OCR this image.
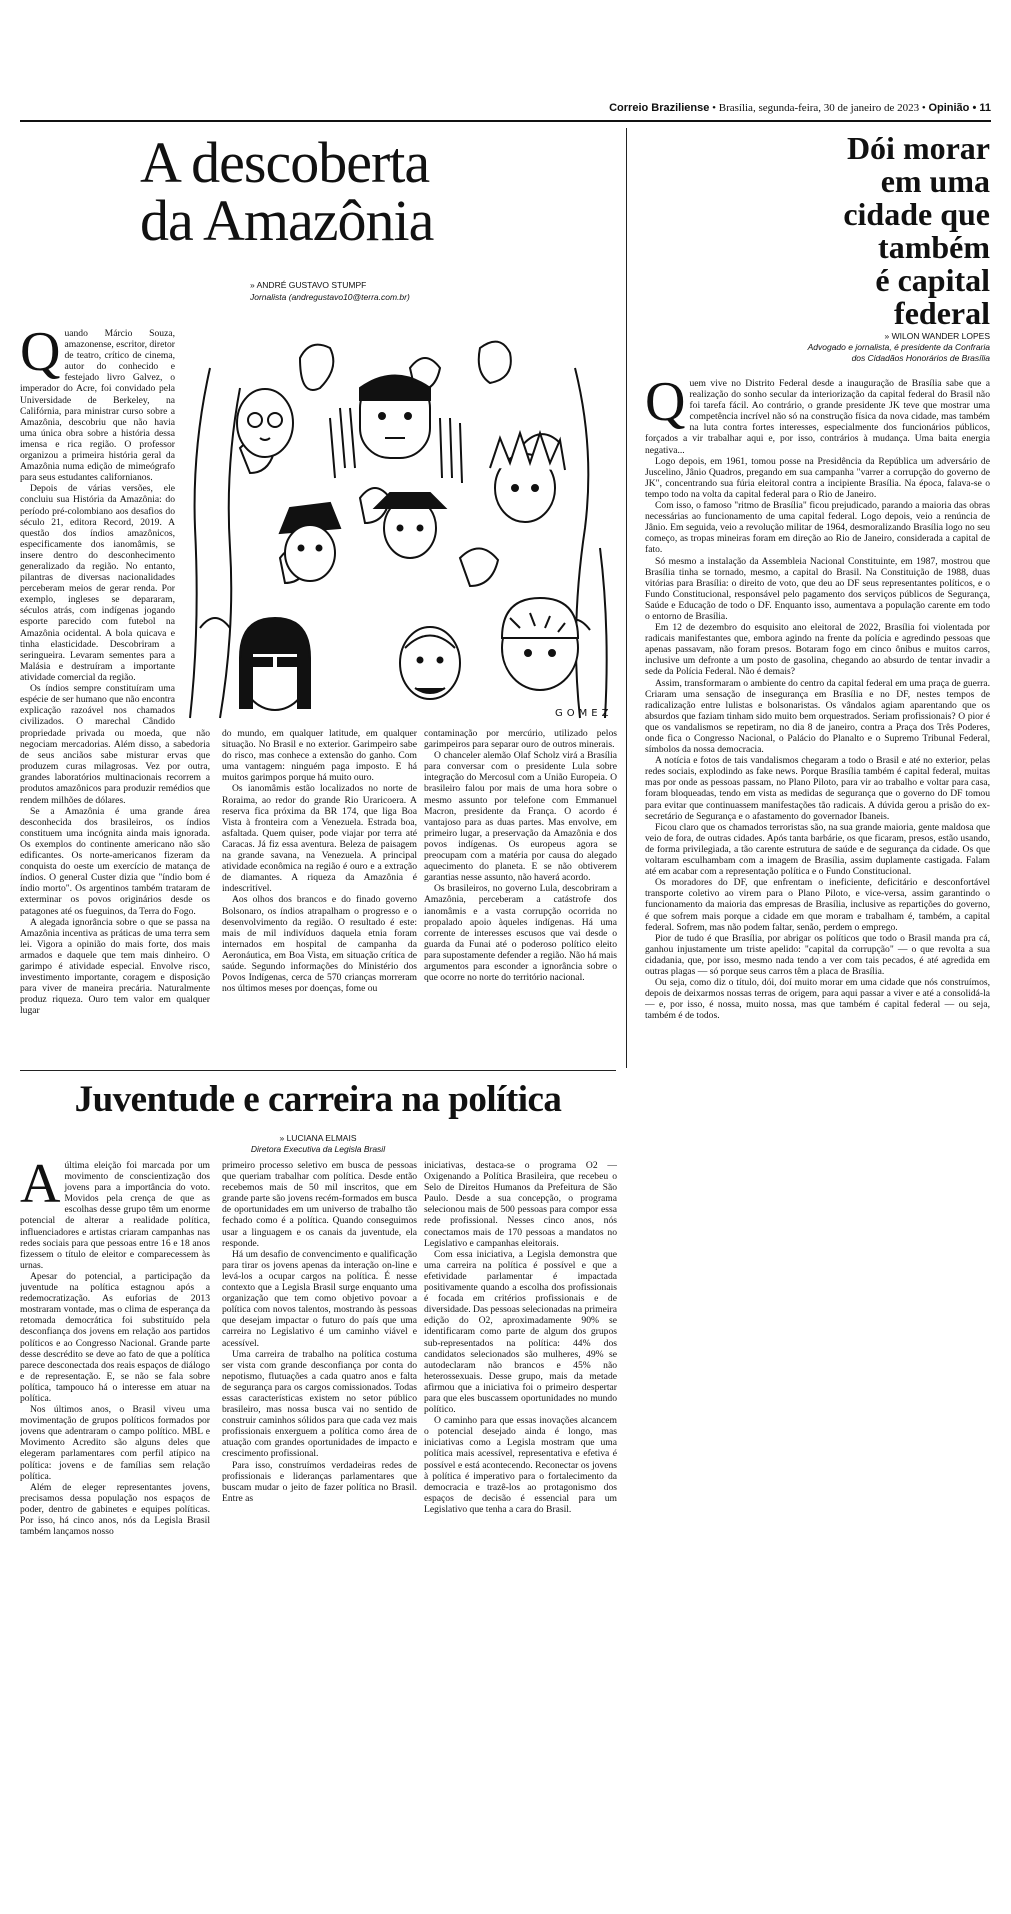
Correio Braziliense • Brasília, segunda-feira, 30 de janeiro de 2023 • Opinião • 11
A descoberta
da Amazônia
» ANDRÉ GUSTAVO STUMPF
Jornalista (andregustavo10@terra.com.br)

Quando Márcio Souza, amazonense, escritor, diretor de teatro, crítico de cinema, autor do conhecido e festejado livro Galvez, o imperador do Acre, foi convidado pela Universidade de Berkeley, na Califórnia, para ministrar curso sobre a Amazônia, descobriu que não havia uma única obra sobre a história dessa imensa e rica região. O professor organizou a primeira história geral da Amazônia numa edição de mimeógrafo para seus estudantes californianos.

Depois de várias versões, ele concluiu sua História da Amazônia: do período pré-colombiano aos desafios do século 21, editora Record, 2019. A questão dos índios amazônicos, especificamente dos ianomâmis, se insere dentro do desconhecimento generalizado da região. No entanto, pilantras de diversas nacionalidades perceberam meios de gerar renda. Por exemplo, ingleses se depararam, séculos atrás, com indígenas jogando esporte parecido com futebol na Amazônia ocidental. A bola quicava e tinha elasticidade. Descobriram a seringueira. Levaram sementes para a Malásia e destruíram a importante atividade comercial da região.

Os índios sempre constituíram uma espécie de ser humano que não encontra explicação razoável nos chamados civilizados. O marechal Cândido

GOMEZ

propriedade privada ou moeda, que não negociam mercadorias. Além disso, a sabedoria de seus anciãos sabe misturar ervas que produzem curas milagrosas. Vez por outra, grandes laboratórios multinacionais recorrem a produtos amazônicos para produzir remédios que rendem milhões de dólares.

Se a Amazônia é uma grande área desconhecida dos brasileiros, os índios constituem uma incógnita ainda mais ignorada. Os exemplos do continente americano não são edificantes. Os norte-americanos fizeram da conquista do oeste um exercício de matança de índios. O general Custer dizia que "índio bom é índio morto". Os argentinos também trataram de exterminar os povos originários desde os patagones até os fueguinos, da Terra do Fogo.

A alegada ignorância sobre o que se passa na Amazônia incentiva as práticas de uma terra sem lei. Vigora a opinião do mais forte, dos mais armados e daquele que tem mais dinheiro. O garimpo é atividade especial. Envolve risco, investimento importante, coragem e disposição para viver de maneira precária. Naturalmente produz riqueza. Ouro tem valor em qualquer lugar

do mundo, em qualquer latitude, em qualquer situação. No Brasil e no exterior. Garimpeiro sabe do risco, mas conhece a extensão do ganho. Com uma vantagem: ninguém paga imposto. E há muitos garimpos porque há muito ouro.

Os ianomâmis estão localizados no norte de Roraima, ao redor do grande Rio Uraricoera. A reserva fica próxima da BR 174, que liga Boa Vista à fronteira com a Venezuela. Estrada boa, asfaltada. Quem quiser, pode viajar por terra até Caracas. Já fiz essa aventura. Beleza de paisagem na grande savana, na Venezuela. A principal atividade econômica na região é ouro e a extração de diamantes. A riqueza da Amazônia é indescritível.

Aos olhos dos brancos e do finado governo Bolsonaro, os índios atrapalham o progresso e o desenvolvimento da região. O resultado é este: mais de mil indivíduos daquela etnia foram internados em hospital de campanha da Aeronáutica, em Boa Vista, em situação crítica de saúde. Segundo informações do Ministério dos Povos Indígenas, cerca de 570 crianças morreram nos últimos meses por doenças, fome ou

contaminação por mercúrio, utilizado pelos garimpeiros para separar ouro de outros minerais.

O chanceler alemão Olaf Scholz virá a Brasília para conversar com o presidente Lula sobre integração do Mercosul com a União Europeia. O brasileiro falou por mais de uma hora sobre o mesmo assunto por telefone com Emmanuel Macron, presidente da França. O acordo é vantajoso para as duas partes. Mas envolve, em primeiro lugar, a preservação da Amazônia e dos povos indígenas. Os europeus agora se preocupam com a matéria por causa do alegado aquecimento do planeta. E se não obtiverem garantias nesse assunto, não haverá acordo.

Os brasileiros, no governo Lula, descobriram a Amazônia, perceberam a catástrofe dos ianomâmis e a vasta corrupção ocorrida no propalado apoio àqueles indígenas. Há uma corrente de interesses escusos que vai desde o guarda da Funai até o poderoso político eleito para supostamente defender a região. Não há mais argumentos para esconder a ignorância sobre o que ocorre no norte do território nacional.

Dói morar
em uma
cidade que
também
é capital
federal
» WILON WANDER LOPES
Advogado e jornalista, é presidente da Confraria
dos Cidadãos Honorários de Brasília

Quem vive no Distrito Federal desde a inauguração de Brasília sabe que a realização do sonho secular da interiorização da capital federal do Brasil não foi tarefa fácil. Ao contrário, o grande presidente JK teve que mostrar uma competência incrível não só na construção física da nova cidade, mas também na luta contra fortes interesses, especialmente dos funcionários públicos, forçados a vir trabalhar aqui e, por isso, contrários à mudança. Uma baita energia negativa...

Logo depois, em 1961, tomou posse na Presidência da República um adversário de Juscelino, Jânio Quadros, pregando em sua campanha "varrer a corrupção do governo de JK", concentrando sua fúria eleitoral contra a incipiente Brasília. Na época, falava-se o tempo todo na volta da capital federal para o Rio de Janeiro.

Com isso, o famoso "ritmo de Brasília" ficou prejudicado, parando a maioria das obras necessárias ao funcionamento de uma capital federal. Logo depois, veio a renúncia de Jânio. Em seguida, veio a revolução militar de 1964, desmoralizando Brasília logo no seu começo, as tropas mineiras foram em direção ao Rio de Janeiro, considerada a capital de fato.

Só mesmo a instalação da Assembleia Nacional Constituinte, em 1987, mostrou que Brasília tinha se tornado, mesmo, a capital do Brasil. Na Constituição de 1988, duas vitórias para Brasília: o direito de voto, que deu ao DF seus representantes políticos, e o Fundo Constitucional, responsável pelo pagamento dos serviços públicos de Segurança, Saúde e Educação de todo o DF. Enquanto isso, aumentava a população carente em todo o entorno de Brasília.

Em 12 de dezembro do esquisito ano eleitoral de 2022, Brasília foi violentada por radicais manifestantes que, embora agindo na frente da polícia e agredindo pessoas que apenas passavam, não foram presos. Botaram fogo em cinco ônibus e muitos carros, inclusive um defronte a um posto de gasolina, chegando ao absurdo de tentar invadir a sede da Polícia Federal. Não é demais?

Assim, transformaram o ambiente do centro da capital federal em uma praça de guerra. Criaram uma sensação de insegurança em Brasília e no DF, nestes tempos de radicalização entre lulistas e bolsonaristas. Os vândalos agiam aparentando que os absurdos que faziam tinham sido muito bem orquestrados. Seriam profissionais? O pior é que os vandalismos se repetiram, no dia 8 de janeiro, contra a Praça dos Três Poderes, onde fica o Congresso Nacional, o Palácio do Planalto e o Supremo Tribunal Federal, símbolos da nossa democracia.

A notícia e fotos de tais vandalismos chegaram a todo o Brasil e até no exterior, pelas redes sociais, explodindo as fake news. Porque Brasília também é capital federal, muitas mas por onde as pessoas passam, no Plano Piloto, para vir ao trabalho e voltar para casa, foram bloqueadas, tendo em vista as medidas de segurança que o governo do DF tomou para evitar que continuassem manifestações tão radicais. A dúvida gerou a prisão do ex-secretário de Segurança e o afastamento do governador Ibaneis.

Ficou claro que os chamados terroristas são, na sua grande maioria, gente maldosa que veio de fora, de outras cidades. Após tanta barbárie, os que ficaram, presos, estão usando, de forma privilegiada, a tão carente estrutura de saúde e de segurança da cidade. Os que voltaram esculhambam com a imagem de Brasília, assim duplamente castigada. Falam até em acabar com a representação política e o Fundo Constitucional.

Os moradores do DF, que enfrentam o ineficiente, deficitário e desconfortável transporte coletivo ao virem para o Plano Piloto, e vice-versa, assim garantindo o funcionamento da maioria das empresas de Brasília, inclusive as repartições do governo, é que sofrem mais porque a cidade em que moram e trabalham é, também, a capital federal. Sofrem, mas não podem faltar, senão, perdem o emprego.

Pior de tudo é que Brasília, por abrigar os políticos que todo o Brasil manda pra cá, ganhou injustamente um triste apelido: "capital da corrupção" — o que revolta a sua cidadania, que, por isso, mesmo nada tendo a ver com tais pecados, é até agredida em outras plagas — só porque seus carros têm a placa de Brasília.

Ou seja, como diz o título, dói, doí muito morar em uma cidade que nós construímos, depois de deixarmos nossas terras de origem, para aqui passar a viver e até a consolidá-la — e, por isso, é nossa, muito nossa, mas que também é capital federal — ou seja, também é de todos.

Juventude e carreira na política
» LUCIANA ELMAIS
Diretora Executiva da Legisla Brasil

Aúltima eleição foi marcada por um movimento de conscientização dos jovens para a importância do voto. Movidos pela crença de que as escolhas desse grupo têm um enorme potencial de alterar a realidade política, influenciadores e artistas criaram campanhas nas redes sociais para que pessoas entre 16 e 18 anos fizessem o título de eleitor e comparecessem às urnas.

Apesar do potencial, a participação da juventude na política estagnou após a redemocratização. As euforias de 2013 mostraram vontade, mas o clima de esperança da retomada democrática foi substituído pela desconfiança dos jovens em relação aos partidos políticos e ao Congresso Nacional. Grande parte desse descrédito se deve ao fato de que a política parece desconectada dos reais espaços de diálogo e de representação. E, se não se fala sobre política, tampouco há o interesse em atuar na política.

Nos últimos anos, o Brasil viveu uma movimentação de grupos políticos formados por jovens que adentraram o campo político. MBL e Movimento Acredito são alguns deles que elegeram parlamentares com perfil atípico na política: jovens e de famílias sem relação política.

Além de eleger representantes jovens, precisamos dessa população nos espaços de poder, dentro de gabinetes e equipes políticas. Por isso, há cinco anos, nós da Legisla Brasil também lançamos nosso

primeiro processo seletivo em busca de pessoas que queriam trabalhar com política. Desde então recebemos mais de 50 mil inscritos, que em grande parte são jovens recém-formados em busca de oportunidades em um universo de trabalho tão fechado como é a política. Quando conseguimos usar a linguagem e os canais da juventude, ela responde.

Há um desafio de convencimento e qualificação para tirar os jovens apenas da interação on-line e levá-los a ocupar cargos na política. É nesse contexto que a Legisla Brasil surge enquanto uma organização que tem como objetivo povoar a política com novos talentos, mostrando às pessoas que desejam impactar o futuro do país que uma carreira no Legislativo é um caminho viável e acessível.

Uma carreira de trabalho na política costuma ser vista com grande desconfiança por conta do nepotismo, flutuações a cada quatro anos e falta de segurança para os cargos comissionados. Todas essas características existem no setor público brasileiro, mas nossa busca vai no sentido de construir caminhos sólidos para que cada vez mais profissionais enxerguem a política como área de atuação com grandes oportunidades de impacto e crescimento profissional.

Para isso, construímos verdadeiras redes de profissionais e lideranças parlamentares que buscam mudar o jeito de fazer política no Brasil. Entre as

iniciativas, destaca-se o programa O2 — Oxigenando a Política Brasileira, que recebeu o Selo de Direitos Humanos da Prefeitura de São Paulo. Desde a sua concepção, o programa selecionou mais de 500 pessoas para compor essa rede profissional. Nesses cinco anos, nós conectamos mais de 170 pessoas a mandatos no Legislativo e campanhas eleitorais.

Com essa iniciativa, a Legisla demonstra que uma carreira na política é possível e que a efetividade parlamentar é impactada positivamente quando a escolha dos profissionais é focada em critérios profissionais e de diversidade. Das pessoas selecionadas na primeira edição do O2, aproximadamente 90% se identificaram como parte de algum dos grupos sub-representados na política: 44% dos candidatos selecionados são mulheres, 49% se autodeclaram não brancos e 45% não heterossexuais. Desse grupo, mais da metade afirmou que a iniciativa foi o primeiro despertar para que eles buscassem oportunidades no mundo político.

O caminho para que essas inovações alcancem o potencial desejado ainda é longo, mas iniciativas como a Legisla mostram que uma política mais acessível, representativa e efetiva é possível e está acontecendo. Reconectar os jovens à política é imperativo para o fortalecimento da democracia e trazê-los ao protagonismo dos espaços de decisão é essencial para um Legislativo que tenha a cara do Brasil.
